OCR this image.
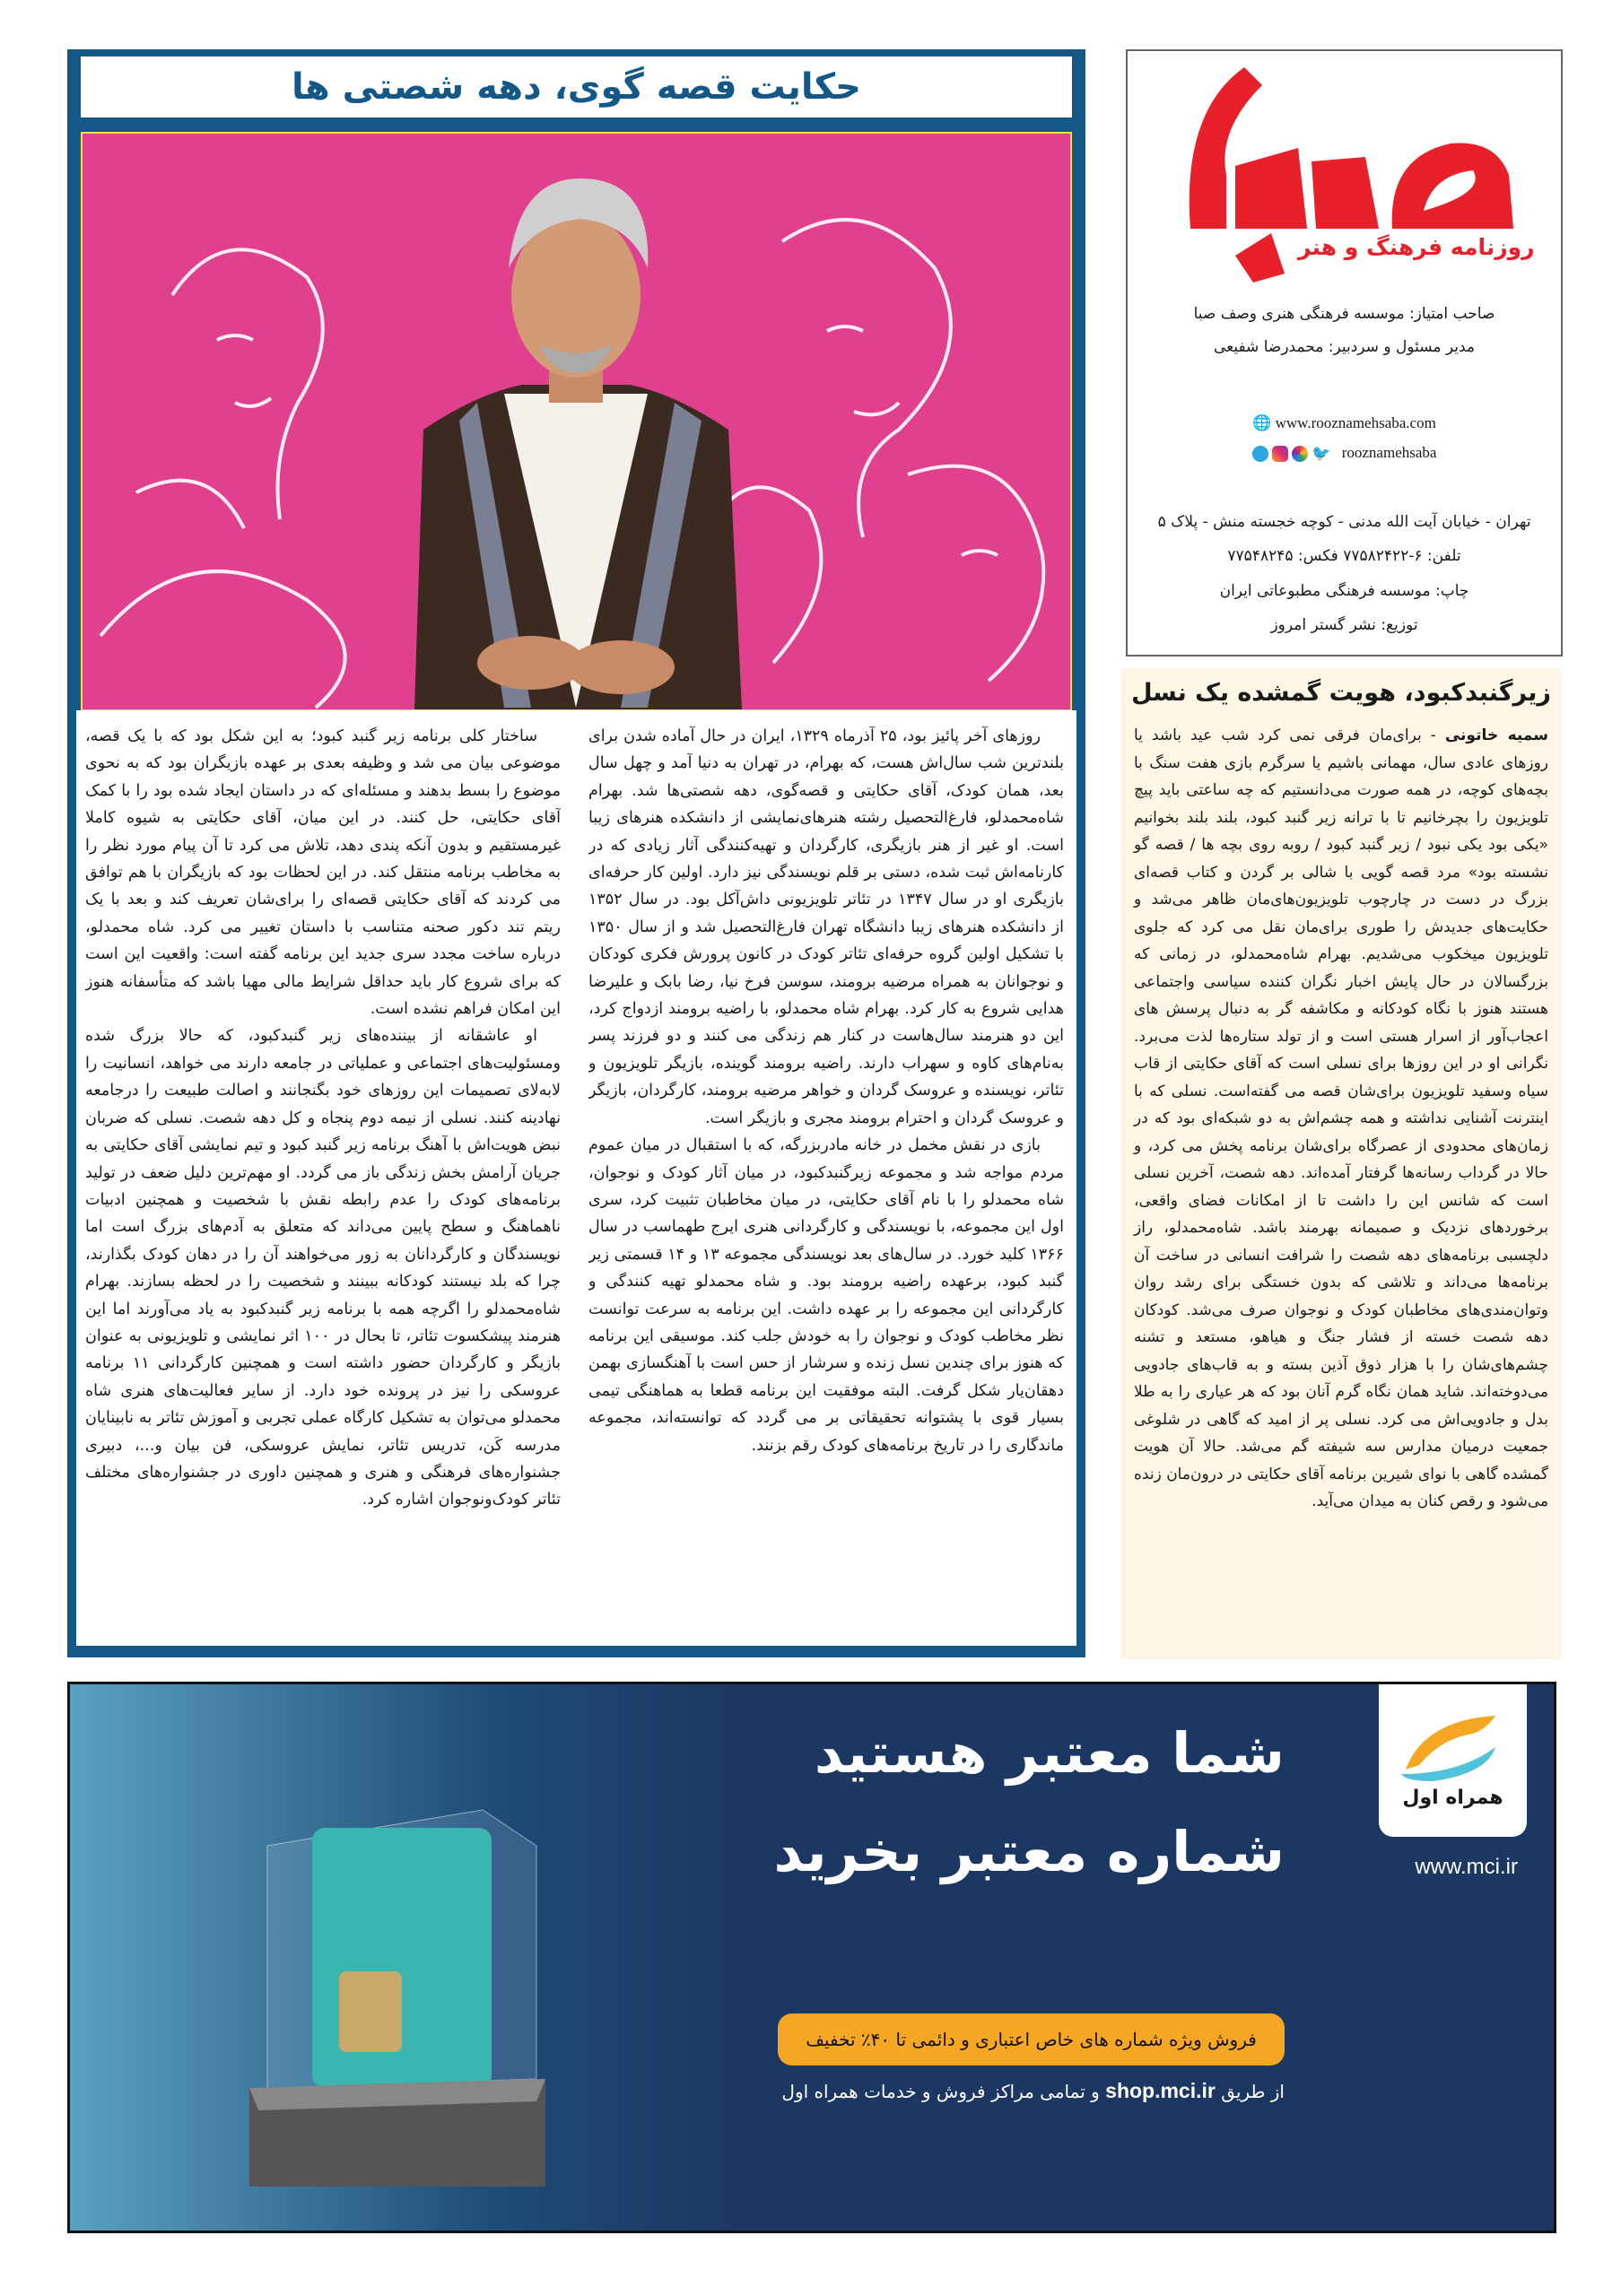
حکایت قصه گوی، دهه شصتی ها

روزهای آخر پائیز بود، ۲۵ آذرماه ۱۳۲۹، ایران در حال آماده شدن برای بلندترین شب سال‌اش هست، که بهرام، در تهران به دنیا آمد و چهل سال بعد، همان کودک، آقای حکایتی و قصه‌گوی، دهه شصتی‌ها شد. بهرام شاه‌محمدلو، فارغ‌التحصیل رشته هنرهای‌نمایشی از دانشکده هنرهای زیبا است. او غیر از هنر بازیگری، کارگردان و تهیه‌کنندگی آثار زیادی که در کارنامه‌اش ثبت شده، دستی بر قلم نویسندگی نیز دارد. اولین کار حرفه‌ای بازیگری او در سال ۱۳۴۷ در تئاتر تلویزیونی داش‌آکل بود. در سال ۱۳۵۲ از دانشکده هنرهای زیبا دانشگاه تهران فارغ‌التحصیل شد و از سال ۱۳۵۰ با تشکیل اولین گروه حرفه‌ای تئاتر کودک در کانون پرورش فکری کودکان و نوجوانان به همراه مرضیه برومند، سوسن فرخ نیا، رضا بابک و علیرضا هدایی شروع به کار کرد. بهرام شاه محمدلو، با راضیه برومند ازدواج کرد، این دو هنرمند سال‌هاست در کنار هم زندگی می کنند و دو فرزند پسر به‌نام‌های کاوه و سهراب دارند. راضیه برومند گوینده، بازیگر تلویزیون و تئاتر، نویسنده و عروسک گردان و خواهر مرضیه برومند، کارگردان، بازیگر و عروسک گردان و احترام برومند مجری و بازیگر است.

بازی در نقش مخمل در خانه مادربزرگه، که با استقبال در میان عموم مردم مواجه شد و مجموعه زیرگنبدکبود، در میان آثار کودک و نوجوان، شاه محمدلو را با نام آقای حکایتی، در میان مخاطبان تثبیت کرد، سری اول این مجموعه، با نویسندگی و کارگردانی هنری ایرج طهماسب در سال ۱۳۶۶ کلید خورد. در سال‌های بعد نویسندگی مجموعه ۱۳ و ۱۴ قسمتی زیر گنبد کبود، برعهده راضیه برومند بود. و شاه محمدلو تهیه کنندگی و کارگردانی این مجموعه را بر عهده داشت. این برنامه به سرعت توانست نظر مخاطب کودک و نوجوان را به خودش جلب کند. موسیقی این برنامه که هنوز برای چندین نسل زنده و سرشار از حس است با آهنگسازی بهمن دهقان‌یار شکل گرفت. البته موفقیت این برنامه قطعا به هماهنگی تیمی بسیار قوی با پشتوانه تحقیقاتی بر می گردد که توانسته‌اند، مجموعه ماندگاری را در تاریخ برنامه‌های کودک رقم بزنند.

ساختار کلی برنامه زیر گنبد کبود؛ به این شکل بود که با یک قصه، موضوعی بیان می شد و وظیفه بعدی بر عهده بازیگران بود که به نحوی موضوع را بسط بدهند و مسئله‌ای که در داستان ایجاد شده بود را با کمک آقای حکایتی، حل کنند. در این میان، آقای حکایتی به شیوه کاملا غیرمستقیم و بدون آنکه پندی دهد، تلاش می کرد تا آن پیام مورد نظر را به مخاطب برنامه منتقل کند. در این لحظات بود که بازیگران با هم توافق می کردند که آقای حکایتی قصه‌ای را برای‌شان تعریف کند و بعد با یک ریتم تند دکور صحنه متناسب با داستان تغییر می کرد. شاه محمدلو، درباره ساخت مجدد سری جدید این برنامه گفته است: واقعیت این است که برای شروع کار باید حداقل شرایط مالی مهیا باشد که متأسفانه هنوز این امکان فراهم نشده است.

او عاشقانه از بیننده‌های زیر گنبدکبود، که حالا بزرگ شده ومسئولیت‌های اجتماعی و عملیاتی در جامعه دارند می خواهد، انسانیت را لابه‌لای تصمیمات این روزهای خود بگنجانند و اصالت طبیعت را درجامعه نهادینه کنند. نسلی از نیمه دوم پنجاه و کل دهه شصت. نسلی که ضربان نبض هویت‌اش با آهنگ برنامه زیر گنبد کبود و تیم نمایشی آقای حکایتی به جریان آرامش بخش زندگی باز می گردد. او مهم‌ترین دلیل ضعف در تولید برنامه‌های کودک را عدم رابطه نقش با شخصیت و همچنین ادبیات ناهماهنگ و سطح پایین می‌داند که متعلق به آدم‌های بزرگ است اما نویسندگان و کارگردانان به زور می‌خواهند آن را در دهان کودک بگذارند، چرا که بلد نیستند کودکانه ببینند و شخصیت را در لحظه بسازند. بهرام شاه‌محمدلو را اگرچه همه با برنامه زیر گنبدکبود به یاد می‌آورند اما این هنرمند پیشکسوت تئاتر، تا بحال در ۱۰۰ اثر نمایشی و تلویزیونی به عنوان بازیگر و کارگردان حضور داشته است و همچنین کارگردانی ۱۱ برنامه عروسکی را نیز در پرونده خود دارد. از سایر فعالیت‌های هنری شاه محمدلو می‌توان به تشکیل کارگاه عملی تجربی و آموزش تئاتر به نابینایان مدرسه کَن، تدریس تئاتر، نمایش عروسکی، فن بیان و...، دبیری جشنواره‌های فرهنگی و هنری و همچنین داوری در جشنواره‌های مختلف تئاتر کودک‌ونوجوان اشاره کرد.

روزنامه فرهنگ و هنر
صاحب امتیاز: موسسه فرهنگی هنری وصف صبا
مدیر مسئول و سردبیر: محمدرضا شفیعی
🌐 www.rooznamehsaba.com
🐦 rooznamehsaba
تهران - خیابان آیت الله مدنی - کوچه خجسته منش - پلاک ۵
تلفن: ۶-۷۷۵۸۲۴۲۲ فکس: ۷۷۵۴۸۲۴۵
چاپ: موسسه فرهنگی مطبوعاتی ایران
توزیع: نشر گستر امروز
زیرگنبدکبود، هویت گمشده یک نسل
سمیه خاتونی - برای‌مان فرقی نمی کرد شب عید باشد یا روزهای عادی سال، مهمانی باشیم یا سرگرم بازی هفت سنگ با بچه‌های کوچه، در همه صورت می‌دانستیم که چه ساعتی باید پیچ تلویزیون را بچرخانیم تا با ترانه زیر گنبد کبود، بلند بلند بخوانیم «یکی بود یکی نبود / زیر گنبد کبود / روبه روی بچه ها / قصه گو نشسته بود» مرد قصه گویی با شالی بر گردن و کتاب قصه‌ای بزرگ در دست در چارچوب تلویزیون‌های‌مان ظاهر می‌شد و حکایت‌های جدیدش را طوری برای‌مان نقل می کرد که جلوی تلویزیون میخکوب می‌شدیم. بهرام شاه‌محمدلو، در زمانی که بزرگسالان در حال پایش اخبار نگران کننده سیاسی واجتماعی هستند هنوز با نگاه کودکانه و مکاشفه گر به دنبال پرسش های اعجاب‌آور از اسرار هستی است و از تولد ستاره‌ها لذت می‌برد. نگرانی او در این روزها برای نسلی است که آقای حکایتی از قاب سیاه وسفید تلویزیون برای‌شان قصه می گفته‌است. نسلی که با اینترنت آشنایی نداشته و همه چشم‌اش به دو شبکه‌ای بود که در زمان‌های محدودی از عصرگاه برای‌شان برنامه پخش می کرد، و حالا در گرداب رسانه‌ها گرفتار آمده‌اند. دهه شصت، آخرین نسلی است که شانس این را داشت تا از امکانات فضای واقعی، برخوردهای نزدیک و صمیمانه بهرمند باشد. شاه‌محمدلو، راز دلچسبی برنامه‌های دهه شصت را شرافت انسانی در ساخت آن برنامه‌ها می‌داند و تلاشی که بدون خستگی برای رشد روان وتوان‌مندی‌های مخاطبان کودک و نوجوان صرف می‌شد. کودکان دهه شصت خسته از فشار جنگ و هیاهو، مستعد و تشنه چشم‌های‌شان را با هزار ذوق آذین بسته و به قاب‌های جادویی می‌دوخته‌اند. شاید همان نگاه گرم آنان بود که هر عیاری را به طلا بدل و جادویی‌اش می کرد. نسلی پر از امید که گاهی در شلوغی جمعیت درمیان مدارس سه شیفته گم می‌شد. حالا آن هویت گمشده گاهی با نوای شیرین برنامه آقای حکایتی در درون‌مان زنده می‌شود و رقص کنان به میدان می‌آید.
شما معتبر هستید
شماره معتبر بخرید
فروش ویژه شماره های خاص اعتباری و دائمی تا ۴۰٪ تخفیف
از طریق shop.mci.ir و تمامی مراکز فروش و خدمات همراه اول
همراه اول
www.mci.ir
